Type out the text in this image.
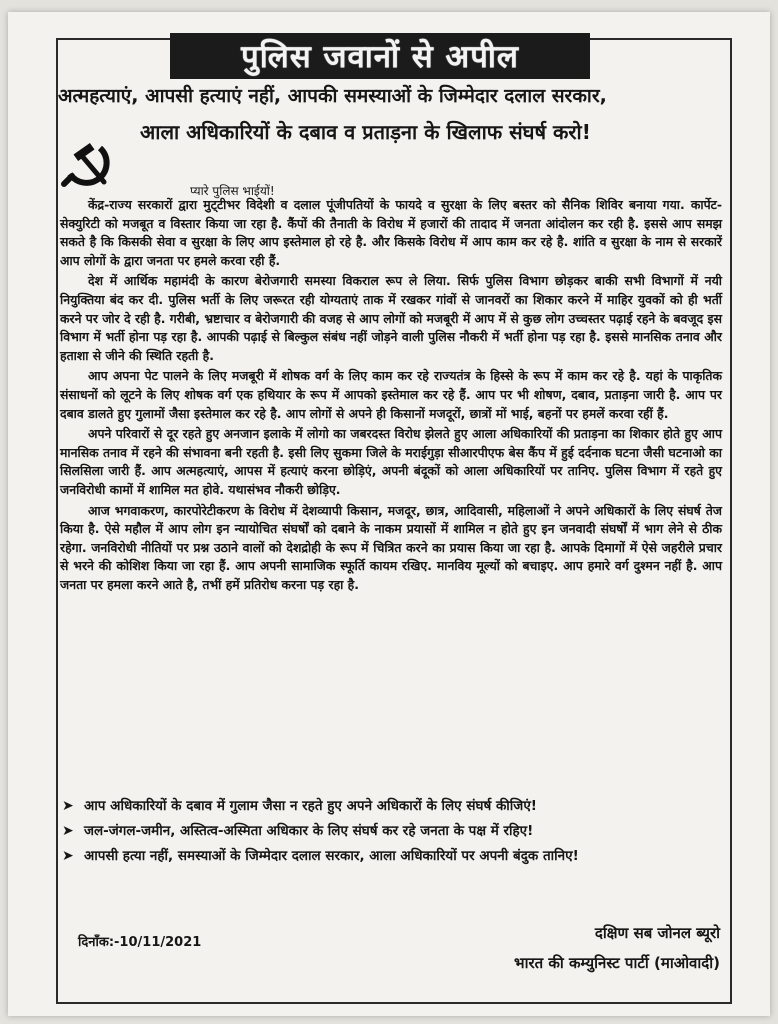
पुलिस जवानों से अपील
अत्महत्याएं, आपसी हत्याएं नहीं, आपकी समस्याओं के जिम्मेदार दलाल सरकार,
आला अधिकारियों के दबाव व प्रताड़ना के खिलाफ संघर्ष करो!
प्यारे पुलिस भाईयों!

केंद्र-राज्य सरकारों द्वारा मुट्‌टीभर विदेशी व दलाल पूंजीपतियों के फायदे व सुरक्षा के लिए बस्तर को सैनिक शिविर बनाया गया. कार्पेट-सेक्युरिटी को मजबूत व विस्तार किया जा रहा है. कैंपों की तैनाती के विरोध में हजारों की तादाद में जनता आंदोलन कर रही है. इससे आप समझ सकते है कि किसकी सेवा व सुरक्षा के लिए आप इस्तेमाल हो रहे है. और किसके विरोध में आप काम कर रहे है. शांति व सुरक्षा के नाम से सरकारें आप लोगों के द्वारा जनता पर हमले करवा रही हैं.

देश में आर्थिक महामंदी के कारण बेरोजगारी समस्या विकराल रूप ले लिया. सिर्फ पुलिस विभाग छोड़कर बाकी सभी विभागों में नयी नियुक्तिया बंद कर दी. पुलिस भर्ती के लिए जरूरत रही योग्यताएं ताक में रखकर गांवों से जानवरों का शिकार करने में माहिर युवकों को ही भर्ती करने पर जोर दे रही है. गरीबी, भ्रष्टाचार व बेरोजगारी की वजह से आप लोगों को मजबूरी में आप में से कुछ लोग उच्चस्तर पढ़ाई रहने के बवजूद इस विभाग में भर्ती होना पड़ रहा है. आपकी पढ़ाई से बिल्कुल संबंध नहीं जोड़ने वाली पुलिस नौकरी में भर्ती होना पड़ रहा है. इससे मानसिक तनाव और हताशा से जीने की स्थिति रहती है.

आप अपना पेट पालने के लिए मजबूरी में शोषक वर्ग के लिए काम कर रहे राज्यतंत्र के हिस्से के रूप में काम कर रहे है. यहां के पाकृतिक संसाधनों को लूटने के लिए शोषक वर्ग एक हथियार के रूप में आपको इस्तेमाल कर रहे हैं. आप पर भी शोषण, दबाव, प्रताड़ना जारी है. आप पर दबाव डालते हुए गुलामों जैसा इस्तेमाल कर रहे है. आप लोगों से अपने ही किसानों मजदूरों, छात्रों मों भाई, बहनों पर हमलें करवा रहीं हैं.

अपने परिवारों से दूर रहते हुए अनजान इलाके में लोगो का जबरदस्त विरोध झेलते हुए आला अधिकारियों की प्रताड़ना का शिकार होते हुए आप मानसिक तनाव में रहने की संभावना बनी रहती है. इसी लिए सुकमा जिले के मराईगुड़ा सीआरपीएफ बेस कैंप में हुई दर्दनाक घटना जैसी घटनाओ का सिलसिला जारी हैं. आप अत्महत्याएं, आपस में हत्याएं करना छोड़िएं, अपनी बंदूकों को आला अधिकारियों पर तानिए. पुलिस विभाग में रहते हुए जनविरोधी कामों में शामिल मत होवे. यथासंभव नौकरी छोड़िए.

आज भगवाकरण, कारपोरेटीकरण के विरोध में देशव्यापी किसान, मजदूर, छात्र, आदिवासी, महिलाओं ने अपने अधिकारों के लिए संघर्ष तेज किया है. ऐसे महौल में आप लोग इन न्यायोचित संघर्षों को दबाने के नाकम प्रयासों में शामिल न होते हुए इन जनवादी संघर्षों में भाग लेने से ठीक रहेगा. जनविरोधी नीतियों पर प्रश्न उठाने वालों को देशद्रोही के रूप में चित्रित करने का प्रयास किया जा रहा है. आपके दिमागों में ऐसे जहरीले प्रचार से भरने की कोशिश किया जा रहा हैं. आप अपनी सामाजिक स्फूर्ति कायम रखिए. मानविय मूल्यों को बचाइए. आप हमारे वर्ग दुश्मन नहीं है. आप जनता पर हमला करने आते है, तभीं हमें प्रतिरोध करना पड़ रहा है.

➤ आप अधिकारियों के दबाव में गुलाम जैसा न रहते हुए अपने अधिकारों के लिए संघर्ष कीजिएं!
➤ जल-जंगल-जमीन, अस्तित्व-अस्मिता अधिकार के लिए संघर्ष कर रहे जनता के पक्ष में रहिए!
➤ आपसी हत्या नहीं, समस्याओं के जिम्मेदार दलाल सरकार, आला अधिकारियों पर अपनी बंदुक तानिए!
दिनाँक:-10/11/2021
दक्षिण सब जोनल ब्यूरो
भारत की कम्युनिस्ट पार्टी (माओवादी)
